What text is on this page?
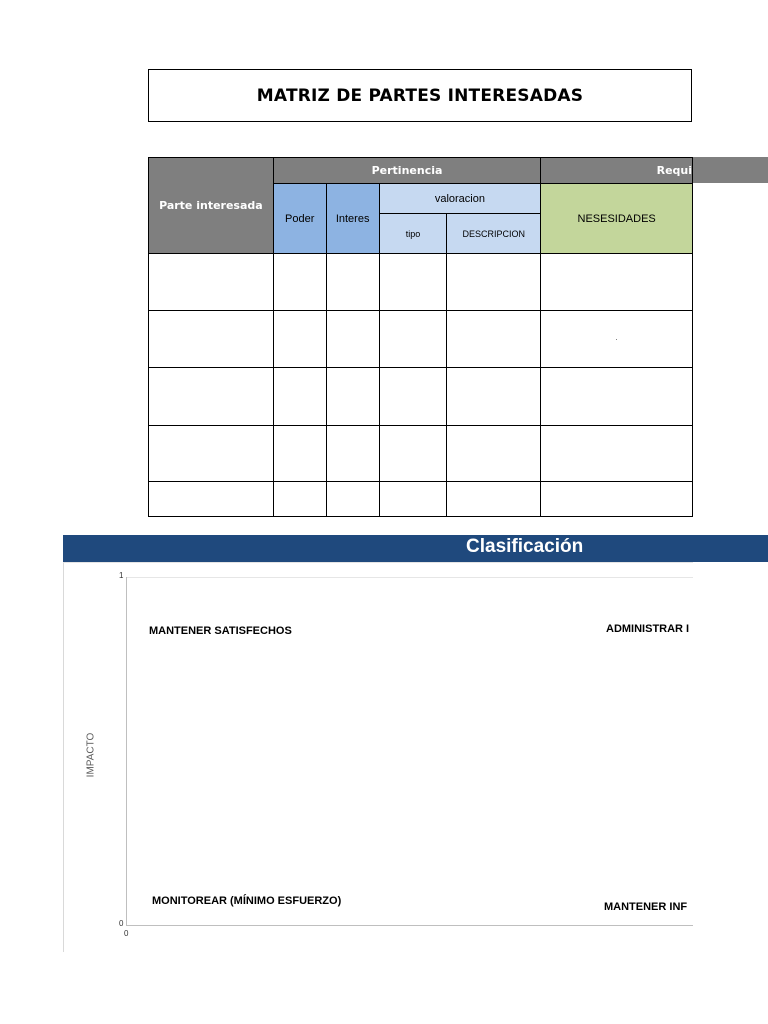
MATRIZ DE PARTES INTERESADAS
Parte interesada	Pertinencia				Requi
	Poder	Interes	valoracion		NESESIDADES
			tipo	DESCRIPCION	

					·

1
0
0
IMPACTO
MANTENER SATISFECHOS	ADMINISTRAR I
MONITOREAR (MÍNIMO ESFUERZO)	MANTENER INF
Clasificación
